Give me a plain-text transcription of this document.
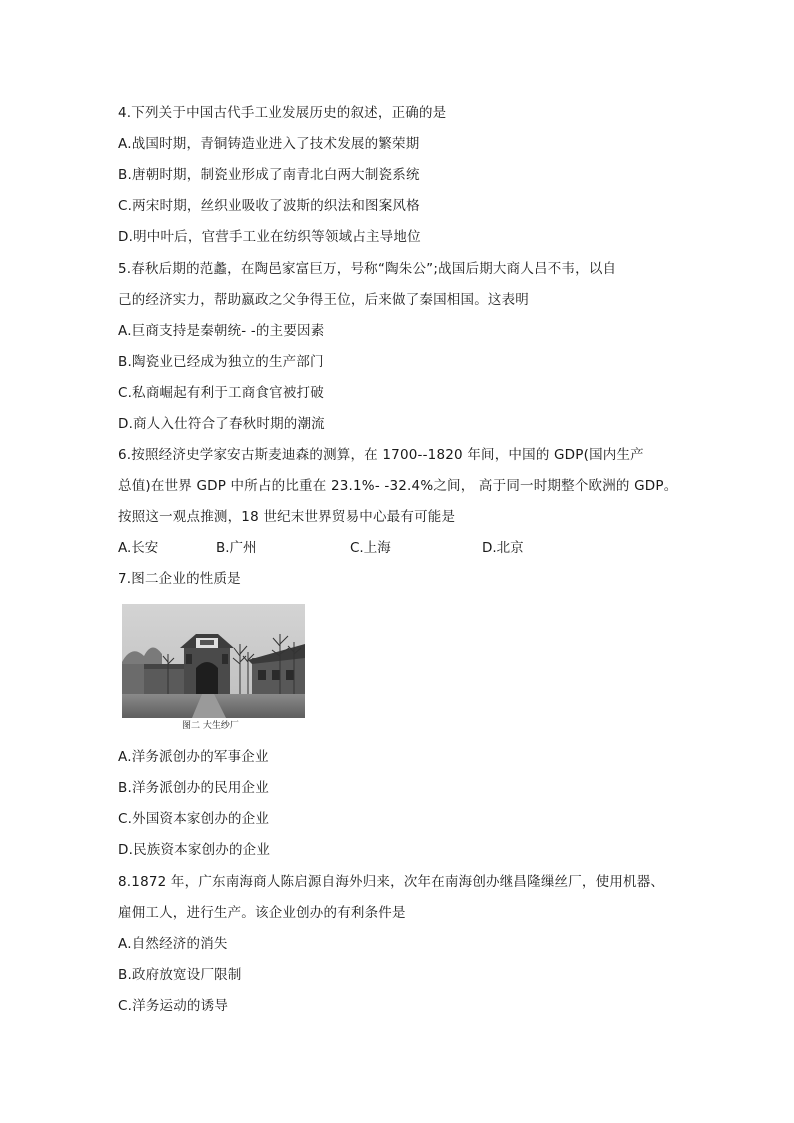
4.下列关于中国古代手工业发展历史的叙述，正确的是
A.战国时期，青铜铸造业进入了技术发展的繁荣期
B.唐朝时期，制瓷业形成了南青北白两大制瓷系统
C.两宋时期，丝织业吸收了波斯的织法和图案风格
D.明中叶后，官营手工业在纺织等领域占主导地位
5.春秋后期的范蠡，在陶邑家富巨万，号称“陶朱公”;战国后期大商人吕不韦，以自
己的经济实力，帮助嬴政之父争得王位，后来做了秦国相国。这表明
A.巨商支持是秦朝统- -的主要因素
B.陶瓷业已经成为独立的生产部门
C.私商崛起有利于工商食官被打破
D.商人入仕符合了春秋时期的潮流
6.按照经济史学家安古斯麦迪森的测算，在 1700--1820 年间，中国的 GDP(国内生产
总值)在世界 GDP 中所占的比重在 23.1%- -32.4%之间， 高于同一时期整个欧洲的 GDP。
按照这一观点推测，18 世纪末世界贸易中心最有可能是
A.长安	B.广州	C.上海	D.北京
7.图二企业的性质是
图二 大生纱厂
A.洋务派创办的军事企业
B.洋务派创办的民用企业
C.外国资本家创办的企业
D.民族资本家创办的企业
8.1872 年，广东南海商人陈启源自海外归来，次年在南海创办继昌隆缫丝厂，使用机器、
雇佣工人，进行生产。该企业创办的有利条件是
A.自然经济的消失
B.政府放宽设厂限制
C.洋务运动的诱导
